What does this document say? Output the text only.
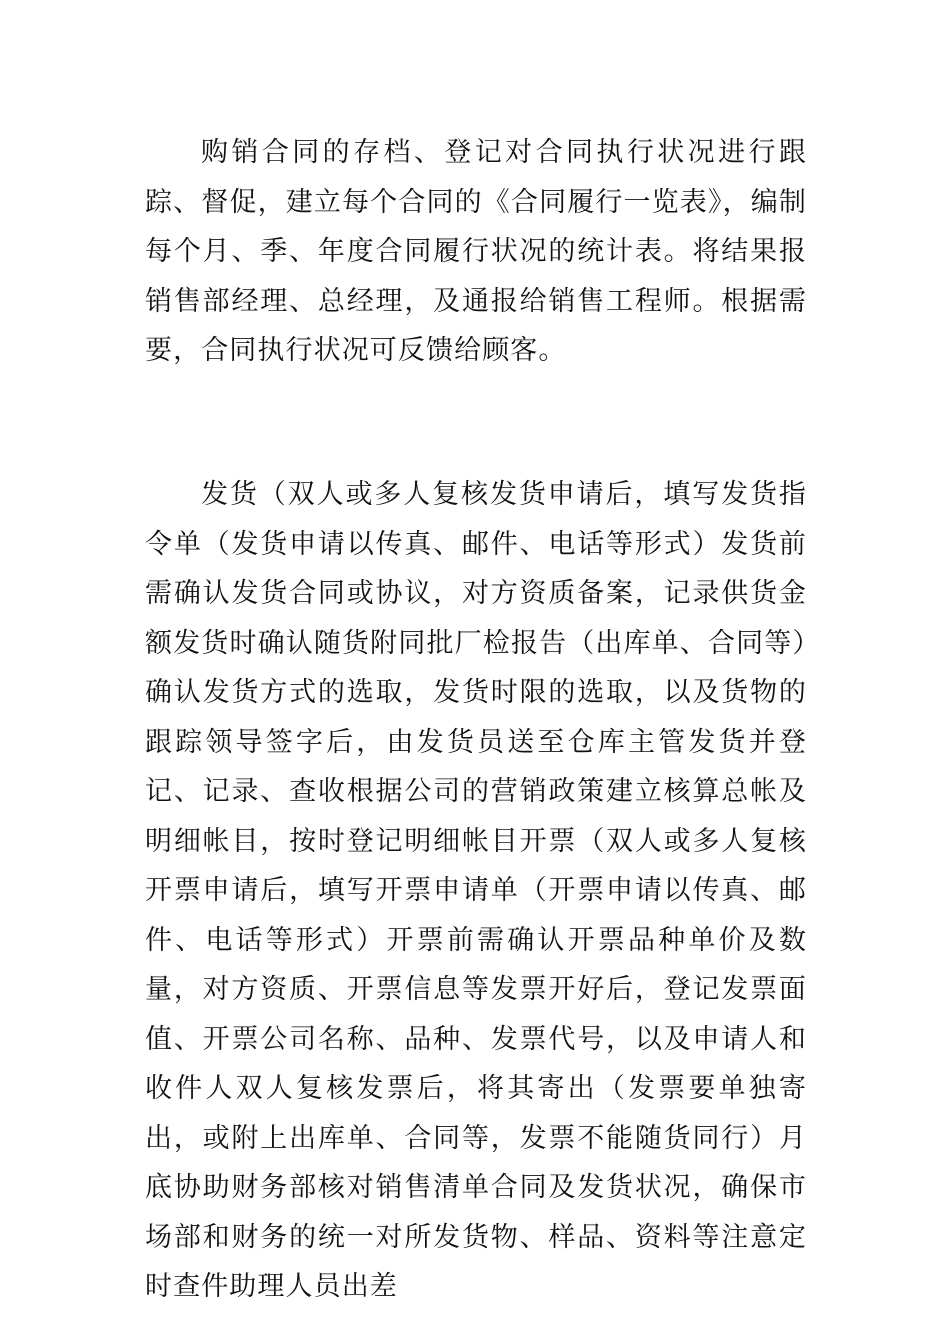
购销合同的存档、登记对合同执行状况进行跟踪、督促，建立每个合同的《合同履行一览表》，编制每个月、季、年度合同履行状况的统计表。将结果报销售部经理、总经理，及通报给销售工程师。根据需要，合同执行状况可反馈给顾客。

发货（双人或多人复核发货申请后，填写发货指令单（发货申请以传真、邮件、电话等形式）发货前需确认发货合同或协议，对方资质备案，记录供货金额发货时确认随货附同批厂检报告（出库单、合同等）确认发货方式的选取，发货时限的选取，以及货物的跟踪领导签字后，由发货员送至仓库主管发货并登记、记录、查收根据公司的营销政策建立核算总帐及明细帐目，按时登记明细帐目开票（双人或多人复核开票申请后，填写开票申请单（开票申请以传真、邮件、电话等形式）开票前需确认开票品种单价及数量，对方资质、开票信息等发票开好后，登记发票面值、开票公司名称、品种、发票代号，以及申请人和收件人双人复核发票后，将其寄出（发票要单独寄出，或附上出库单、合同等，发票不能随货同行）月底协助财务部核对销售清单合同及发货状况，确保市场部和财务的统一对所发货物、样品、资料等注意定时查件助理人员出差
